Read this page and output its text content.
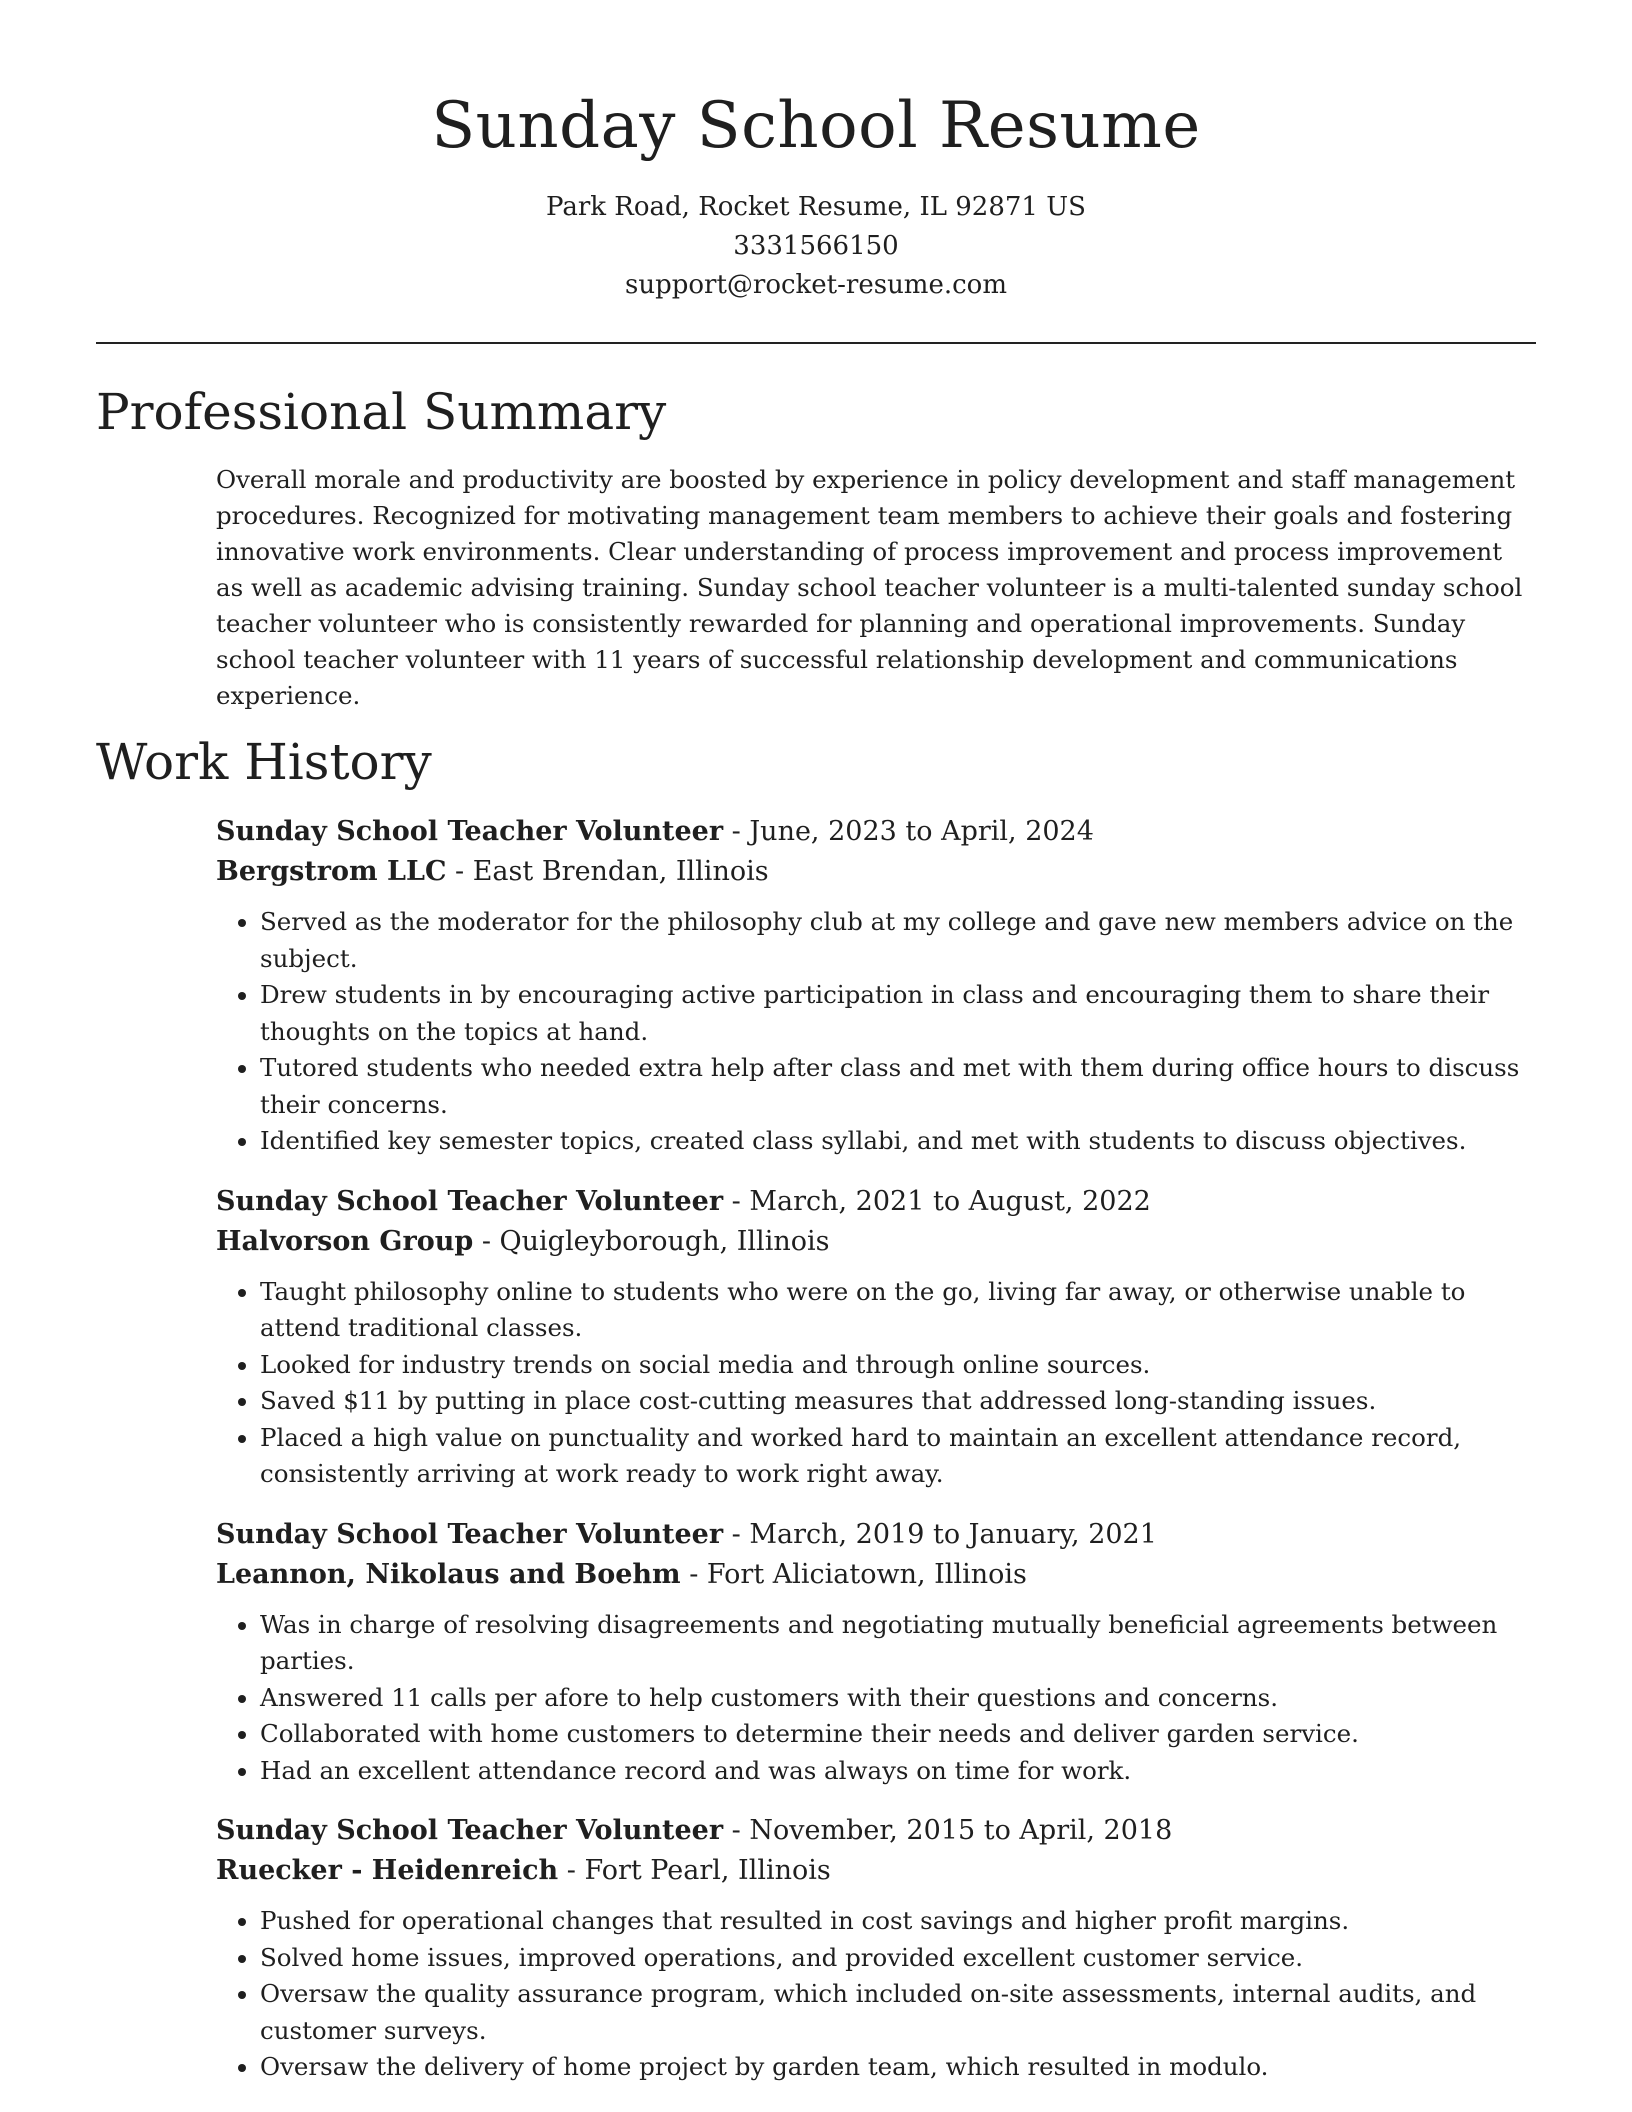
Sunday School Resume
Park Road, Rocket Resume, IL 92871 US
3331566150
support@rocket-resume.com
Professional Summary
Overall morale and productivity are boosted by experience in policy development and staff management procedures. Recognized for motivating management team members to achieve their goals and fostering innovative work environments. Clear understanding of process improvement and process improvement as well as academic advising training. Sunday school teacher volunteer is a multi-talented sunday school teacher volunteer who is consistently rewarded for planning and operational improvements. Sunday school teacher volunteer with 11 years of successful relationship development and communications experience.
Work History
Sunday School Teacher Volunteer - June, 2023 to April, 2024
Bergstrom LLC - East Brendan, Illinois
• Served as the moderator for the philosophy club at my college and gave new members advice on the subject.
• Drew students in by encouraging active participation in class and encouraging them to share their thoughts on the topics at hand.
• Tutored students who needed extra help after class and met with them during office hours to discuss their concerns.
• Identified key semester topics, created class syllabi, and met with students to discuss objectives.
Sunday School Teacher Volunteer - March, 2021 to August, 2022
Halvorson Group - Quigleyborough, Illinois
• Taught philosophy online to students who were on the go, living far away, or otherwise unable to attend traditional classes.
• Looked for industry trends on social media and through online sources.
• Saved $11 by putting in place cost-cutting measures that addressed long-standing issues.
• Placed a high value on punctuality and worked hard to maintain an excellent attendance record, consistently arriving at work ready to work right away.
Sunday School Teacher Volunteer - March, 2019 to January, 2021
Leannon, Nikolaus and Boehm - Fort Aliciatown, Illinois
• Was in charge of resolving disagreements and negotiating mutually beneficial agreements between parties.
• Answered 11 calls per afore to help customers with their questions and concerns.
• Collaborated with home customers to determine their needs and deliver garden service.
• Had an excellent attendance record and was always on time for work.
Sunday School Teacher Volunteer - November, 2015 to April, 2018
Ruecker - Heidenreich - Fort Pearl, Illinois
• Pushed for operational changes that resulted in cost savings and higher profit margins.
• Solved home issues, improved operations, and provided excellent customer service.
• Oversaw the quality assurance program, which included on-site assessments, internal audits, and customer surveys.
• Oversaw the delivery of home project by garden team, which resulted in modulo.
